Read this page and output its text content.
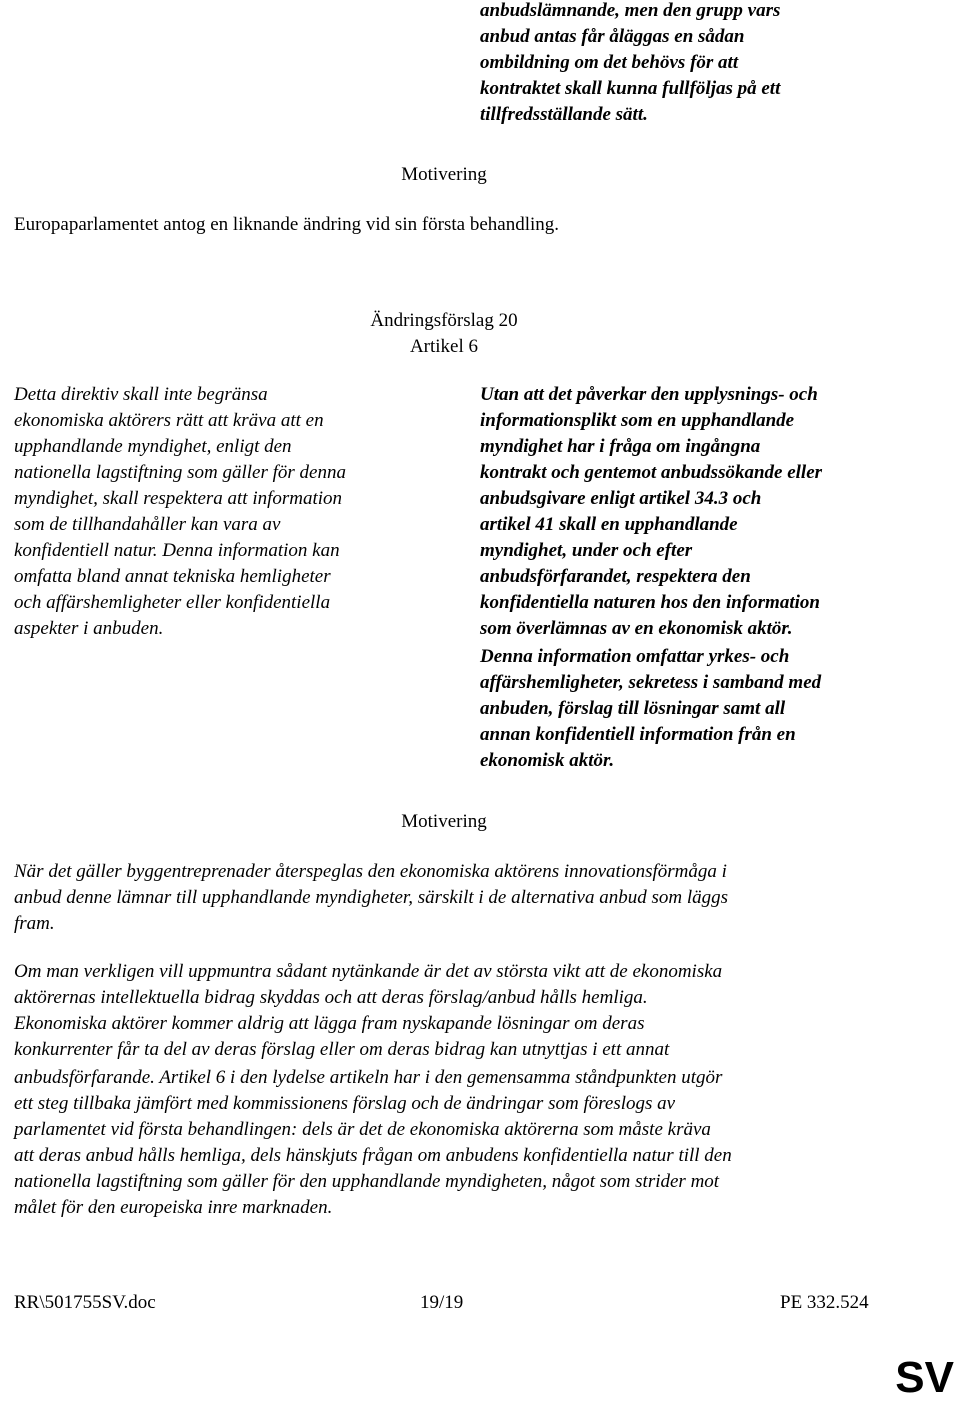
anbudslämnande, men den grupp vars
anbud antas får åläggas en sådan
ombildning om det behövs för att
kontraktet skall kunna fullföljas på ett
tillfredsställande sätt.
Motivering
Europaparlamentet antog en liknande ändring vid sin första behandling.
Ändringsförslag 20
Artikel 6
Detta direktiv skall inte begränsa
ekonomiska aktörers rätt att kräva att en
upphandlande myndighet, enligt den
nationella lagstiftning som gäller för denna
myndighet, skall respektera att information
som de tillhandahåller kan vara av
konfidentiell natur. Denna information kan
omfatta bland annat tekniska hemligheter
och affärshemligheter eller konfidentiella
aspekter i anbuden.
Utan att det påverkar den upplysnings- och
informationsplikt som en upphandlande
myndighet har i fråga om ingångna
kontrakt och gentemot anbudssökande eller
anbudsgivare enligt artikel 34.3 och
artikel 41 skall en upphandlande
myndighet, under och efter
anbudsförfarandet, respektera den
konfidentiella naturen hos den information
som överlämnas av en ekonomisk aktör.
Denna information omfattar yrkes- och
affärshemligheter, sekretess i samband med
anbuden, förslag till lösningar samt all
annan konfidentiell information från en
ekonomisk aktör.
Motivering
När det gäller byggentreprenader återspeglas den ekonomiska aktörens innovationsförmåga i
anbud denne lämnar till upphandlande myndigheter, särskilt i de alternativa anbud som läggs
fram.
Om man verkligen vill uppmuntra sådant nytänkande är det av största vikt att de ekonomiska
aktörernas intellektuella bidrag skyddas och att deras förslag/anbud hålls hemliga.
Ekonomiska aktörer kommer aldrig att lägga fram nyskapande lösningar om deras
konkurrenter får ta del av deras förslag eller om deras bidrag kan utnyttjas i ett annat
anbudsförfarande. Artikel 6 i den lydelse artikeln har i den gemensamma ståndpunkten utgör
ett steg tillbaka jämfört med kommissionens förslag och de ändringar som föreslogs av
parlamentet vid första behandlingen: dels är det de ekonomiska aktörerna som måste kräva
att deras anbud hålls hemliga, dels hänskjuts frågan om anbudens konfidentiella natur till den
nationella lagstiftning som gäller för den upphandlande myndigheten, något som strider mot
målet för den europeiska inre marknaden.
RR\501755SV.doc	19/19	PE 332.524
SV
